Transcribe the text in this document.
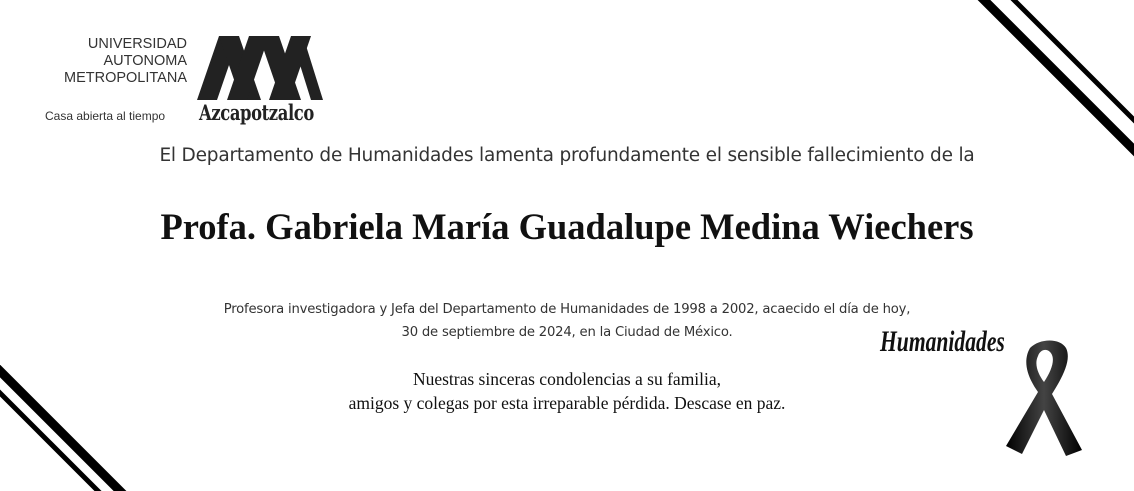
UNIVERSIDAD
AUTONOMA
METROPOLITANA
Casa abierta al tiempo Azcapotzalco
El Departamento de Humanidades lamenta profundamente el sensible fallecimiento de la
Profa. Gabriela María Guadalupe Medina Wiechers
Profesora investigadora y Jefa del Departamento de Humanidades de 1998 a 2002, acaecido el día de hoy,
30 de septiembre de 2024, en la Ciudad de México.
Nuestras sinceras condolencias a su familia,
amigos y colegas por esta irreparable pérdida. Descase en paz.
Humanidades
